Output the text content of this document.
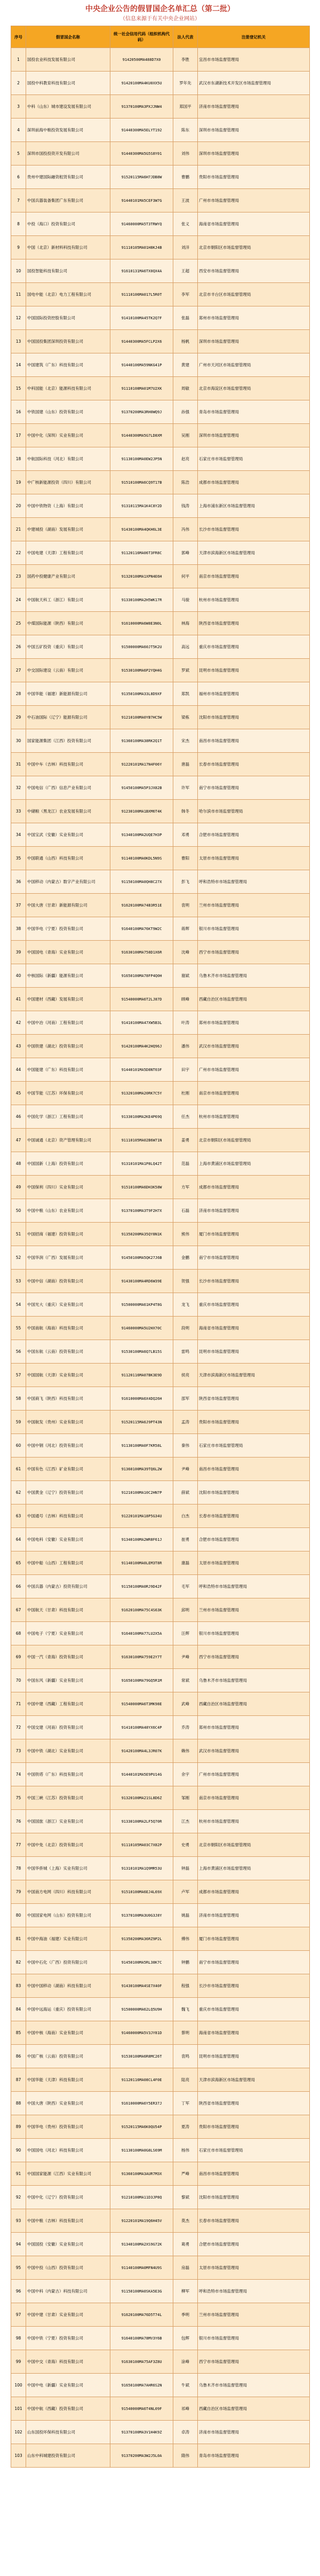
中央企业公告的假冒国企名单汇总（第二批）
（信息来源于有关中央企业网站）
序号	假冒国企名称	统一社会信用代码（组织机构代码）	法人代表	注册登记机关
1	国投农业科技发展有限公司	91420500MA488D7X0	李胜	宜昌市市场监督管理局
2	国投中科教育科技有限公司	91420100MA4KU0XX5U	罗年先	武汉市东湖新技术开发区市场监督管理局
3	中科（山东）城市建设发展有限公司	91370100MA3PXJJNW4	郑国平	济南市市场监督管理局
4	深圳前海中粮投资发展有限公司	91440300MA5ELYT192	陈东	深圳市市场监督管理局
5	深圳市国投投资开发有限公司	91440300MA5G5S8Y01	刘伟	深圳市市场监督管理局
6	贵州中建国际融资租赁有限公司	91520115MA6H7JDB8W	曹鹏	贵阳市市场监督管理局
7	中国兵器装备集团广东有限公司	91440101MA5CEF3W7G	王波	广州市市场监督管理局
8	中投（海口）投资有限公司	91460000MA5T3TRWYQ	张义	海南省市场监督管理局
9	中国（北京）新材料科技有限公司	91110105MA01H8KJ4B	刘洋	北京市朝阳区市场监督管理局
10	国投智能科技有限公司	91610131MA6TX0QX4A	王超	西安市市场监督管理局
11	国电中能（北京）电力工程有限公司	91110106MA017L5R0T	李军	北京市丰台区市场监督管理局
12	中国国际投资控股有限公司	91410100MA45TK2Q7F	张磊	郑州市市场监督管理局
13	中国国投集团深圳投资有限公司	91440300MA5FCLP2X6	杨帆	深圳市市场监督管理局
14	中国建筑（广东）科技有限公司	91440106MA59NKG41P	黄建	广州市天河区市场监督管理局
15	中科国能（北京）能源科技有限公司	91110108MA01M7U2XK	周敏	北京市海淀区市场监督管理局
16	中铁国建（山东）投资有限公司	91370200MA3RH0WQ9J	孙强	青岛市市场监督管理局
17	中国中化（深圳）实业有限公司	91440300MA5G7LD8XM	吴刚	深圳市市场监督管理局
18	中航国际科技（河北）有限公司	91130100MA0EW2JP5N	赵亮	石家庄市市场监督管理局
19	中广核新能源投资（四川）有限公司	91510100MA6CQ9T17B	陈浩	成都市市场监督管理局
20	中国中铁物资（上海）有限公司	91310115MA1K4C8Y2D	钱涛	上海市浦东新区市场监督管理局
21	中建城投（湖南）发展有限公司	91430100MA4QKH6L3E	冯伟	长沙市市场监督管理局
22	中国电建（天津）工程有限公司	91120116MA06T3FR8C	郭峰	天津市滨海新区市场监督管理局
23	国药中投健康产业有限公司	91320100MA1XPN4E6H	何平	南京市市场监督管理局
24	中国航天科工（浙江）有限公司	91330100MA2H5WK17R	马骏	杭州市市场监督管理局
25	中煤国际能源（陕西）有限公司	91610000MA6W8E3N0L	林海	陕西省市场监督管理局
26	中国五矿投资（重庆）有限公司	91500000MA60JT5K2U	高远	重庆市市场监督管理局
27	中交国际建设（云南）有限公司	91530100MA6P2YQH4G	罗斌	昆明市市场监督管理局
28	中国华能（福建）新能源有限公司	91350100MA33L8D9XF	郑凯	福州市市场监督管理局
29	中石油国际（辽宁）能源有限公司	91210100MA0YB7HC5W	梁栋	沈阳市市场监督管理局
30	国家能源集团（江西）投资有限公司	91360100MA38RK2Q1T	宋杰	南昌市市场监督管理局
31	中国中车（吉林）科技有限公司	91220101MA17N4F06Y	唐磊	长春市市场监督管理局
32	中国电信（广西）信息产业有限公司	91450100MA5P3JX82B	许军	南宁市市场监督管理局
33	中储粮（黑龙江）农业发展有限公司	91230100MA1BXM6T4K	韩冬	哈尔滨市市场监督管理局
34	中国宝武（安徽）实业有限公司	91340100MA2UQE7H3P	邓勇	合肥市市场监督管理局
35	中国联通（山西）科技有限公司	91140100MA0KDL5N9S	曹阳	太原市市场监督管理局
36	中国移动（内蒙古）数字产业有限公司	91150100MA0QH8C27X	彭飞	呼和浩特市市场监督管理局
37	中国大唐（甘肃）新能源有限公司	91620100MA74B3R51E	袁明	兰州市市场监督管理局
38	中国华电（宁夏）投资有限公司	91640100MA76KT9W2C	蒋辉	银川市市场监督管理局
39	中国国电（青海）实业有限公司	91630100MA758D1X6R	沈峰	西宁市市场监督管理局
40	中核国际（新疆）能源有限公司	91650100MA78FP4Q0H	谢斌	乌鲁木齐市市场监督管理局
41	中国建材（西藏）发展有限公司	91540000MA6T2LJ87D	顾峰	西藏自治区市场监督管理局
42	中国中冶（河南）工程有限公司	91410100MA47XW5B3L	叶涛	郑州市市场监督管理局
43	中国铁建（湖北）投资有限公司	91420100MA4K2HQ96J	潘伟	武汉市市场监督管理局
44	中国能建（广东）科技有限公司	91440101MA5D8NT03F	田宇	广州市市场监督管理局
45	中国节能（江苏）环保有限公司	91320100MA20RK7C5Y	杜刚	南京市市场监督管理局
46	中国化学（浙江）工程有限公司	91330100MA2KE4P69Q	任杰	杭州市市场监督管理局
47	中国诚通（北京）资产管理有限公司	91110105MA02B6W71N	姜勇	北京市朝阳区市场监督管理局
48	中国国新（上海）投资有限公司	91310101MA1P8LQ42T	范磊	上海市黄浦区市场监督管理局
49	中国保利（四川）实业有限公司	91510100MA6DH3K58W	方军	成都市市场监督管理局
50	中国中粮（山东）农业有限公司	91370100MA3T9F2H7X	石磊	济南市市场监督管理局
51	中国招商（福建）投资有限公司	91350200MA35QY8N1K	熊伟	厦门市市场监督管理局
52	中国华润（广西）发展有限公司	91450100MA5QK27J6B	金鹏	南宁市市场监督管理局
53	中国中信（湖南）投资有限公司	91430100MA4RD6W39E	贺强	长沙市市场监督管理局
54	中国光大（重庆）实业有限公司	91500000MA61KP4T8G	龙飞	重庆市市场监督管理局
55	中国南航（海南）科技有限公司	91460000MA5U2HX70C	段明	海南省市场监督管理局
56	中国东航（云南）投资有限公司	91530100MA6Q7LB15S	雷鸣	昆明市市场监督管理局
57	中国国航（天津）实业有限公司	91120116MA07BK3E9D	侯亮	天津市滨海新区市场监督管理局
58	中国商飞（陕西）科技有限公司	91610000MA6X4DQ26H	邵军	陕西省市场监督管理局
59	中国航发（贵州）实业有限公司	91520115MA6J9PT43N	孟涛	贵阳市市场监督管理局
60	中国中钢（河北）投资有限公司	91130100MA0F7KR58L	秦伟	石家庄市市场监督管理局
61	中国有色（江西）矿业有限公司	91360100MA39TQ6L2W	尹峰	南昌市市场监督管理局
62	中国黄金（辽宁）投资有限公司	91210100MA10C2HN7P	薛斌	沈阳市市场监督管理局
63	中国通号（吉林）科技有限公司	91220101MA18P5G34U	白杰	长春市市场监督管理局
64	中国电科（安徽）实业有限公司	91340100MA2WR8F61J	崔勇	合肥市市场监督管理局
65	中国中船（山西）工程有限公司	91140100MA0LEM3T8R	康磊	太原市市场监督管理局
66	中国兵器（内蒙古）投资有限公司	91150100MA0RJ9D42F	毛军	呼和浩特市市场监督管理局
67	中国航天（甘肃）科技有限公司	91620100MA75C4S63K	邱明	兰州市市场监督管理局
68	中国电子（宁夏）实业有限公司	91640100MA77LU2X5A	汪辉	银川市市场监督管理局
69	中国一汽（青海）投资有限公司	91630100MA759E2Y7T	尹峰	西宁市市场监督管理局
70	中国东风（新疆）实业有限公司	91650100MA79GQ5R1M	常斌	乌鲁木齐市市场监督管理局
71	中国中建（西藏）工程有限公司	91540000MA6T3MK98E	武峰	西藏自治区市场监督管理局
72	中国交建（河南）投资有限公司	91410100MA48YX6C4P	乔涛	郑州市市场监督管理局
73	中国中铁（湖北）实业有限公司	91420100MA4L3JR07K	赖伟	武汉市市场监督管理局
74	中国铁塔（广东）科技有限公司	91440101MA5E9PU14G	余宇	广州市市场监督管理局
75	中国三峡（江苏）投资有限公司	91320100MA21SL8D6Z	邹刚	南京市市场监督管理局
76	中国国旅（浙江）实业有限公司	91330100MA2LF5Q70R	江杰	杭州市市场监督管理局
77	中国中免（北京）投资有限公司	91110105MA03C7X82P	史勇	北京市朝阳区市场监督管理局
78	中国华侨城（上海）实业有限公司	91310101MA1Q9MR53U	钟磊	上海市黄浦区市场监督管理局
79	中国南方电网（四川）科技有限公司	91510100MA6EJ4L69X	卢军	成都市市场监督管理局
80	中国国家电网（山东）投资有限公司	91370100MA3U0G3J8Y	姚磊	济南市市场监督管理局
81	中国中海油（福建）实业有限公司	91350200MA36RZ9P2L	傅伟	厦门市市场监督管理局
82	中国中石化（广西）投资有限公司	91450100MA5RL38K7C	钟鹏	南宁市市场监督管理局
83	中国中国移动（湖南）科技有限公司	91430100MA4SE7X40F	程强	长沙市市场监督管理局
84	中国中远海运（重庆）投资有限公司	91500000MA62LQ5U9H	魏飞	重庆市市场监督管理局
85	中国中核（海南）实业有限公司	91460000MA5V3JY81D	蔡明	海南省市场监督管理局
86	中国广核（云南）投资有限公司	91530100MA6R8MC26T	袁鸣	昆明市市场监督管理局
87	中国华能（天津）科技有限公司	91120116MA08CL4F0E	陆亮	天津市滨海新区市场监督管理局
88	中国大唐（陕西）实业有限公司	91610000MA6Y5ER37J	丁军	陕西省市场监督管理局
89	中国华电（贵州）投资有限公司	91520115MA6K0QU54P	夏涛	贵阳市市场监督管理局
90	中国国电（河北）科技有限公司	91130100MA0G8LS69M	杨伟	石家庄市市场监督管理局
91	中国国家能源（江西）实业有限公司	91360100MA3AUR7M3X	严峰	南昌市市场监督管理局
92	中国中化（辽宁）投资有限公司	91210100MA11D3JP8Q	黎斌	沈阳市市场监督管理局
93	中国中粮（吉林）科技有限公司	91220101MA19Q6H45V	莫杰	长春市市场监督管理局
94	中国国投（安徽）实业有限公司	91340100MA2XS9G72K	葛勇	合肥市市场监督管理局
95	中国中投（山西）投资有限公司	91140100MA0MFN4U9S	房磊	太原市市场监督管理局
96	中国中科（内蒙古）科技有限公司	91150100MA0SKA5E3G	柳军	呼和浩特市市场监督管理局
97	中国中建（甘肃）实业有限公司	91620100MA76D5T74L	季明	兰州市市场监督管理局
98	中国中铁（宁夏）投资有限公司	91640100MA78MV3Y6B	包辉	银川市市场监督管理局
99	中国中交（青海）科技有限公司	91630100MA75AF3Z8U	涂峰	西宁市市场监督管理局
100	中国中电（新疆）实业有限公司	91650100MA7AHR6S2N	牛斌	乌鲁木齐市市场监督管理局
101	中国中航（西藏）投资有限公司	91540000MA6T4NL09F	祁峰	西藏自治区市场监督管理局
102	山东国投环保科技有限公司	91370100MA3V1H4K9Z	卓涛	济南市市场监督管理局
103	山东中科城建投资有限公司	91370200MA3W2J5L0A	隋伟	青岛市市场监督管理局
